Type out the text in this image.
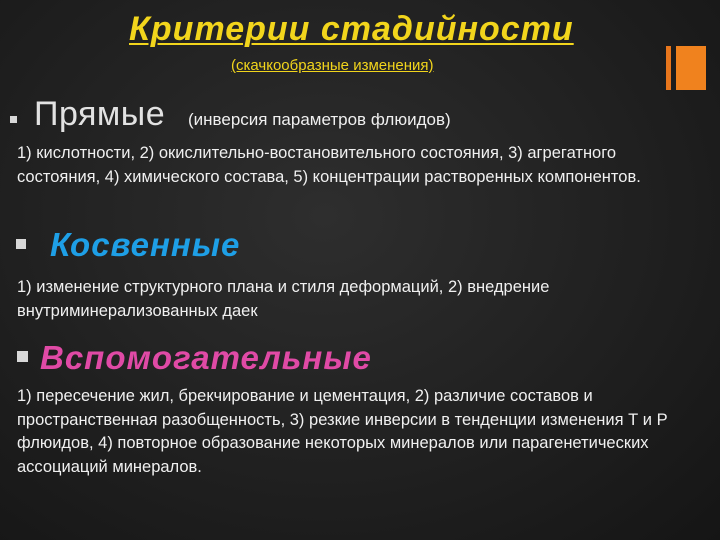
Критерии стадийности
(скачкообразные изменения)
Прямые (инверсия параметров флюидов)

1) кислотности, 2) окислительно-востановительного состояния, 3) агрегатного состояния, 4) химического состава, 5) концентрации растворенных компонентов.

Косвенные

1) изменение структурного плана и стиля деформаций, 2) внедрение внутриминерализованных даек

Вспомогательные

1) пересечение жил, брекчирование и цементация, 2) различие составов и пространственная разобщенность, 3) резкие инверсии в тенденции изменения Т и Р флюидов, 4) повторное образование некоторых минералов или парагенетических ассоциаций минералов.
